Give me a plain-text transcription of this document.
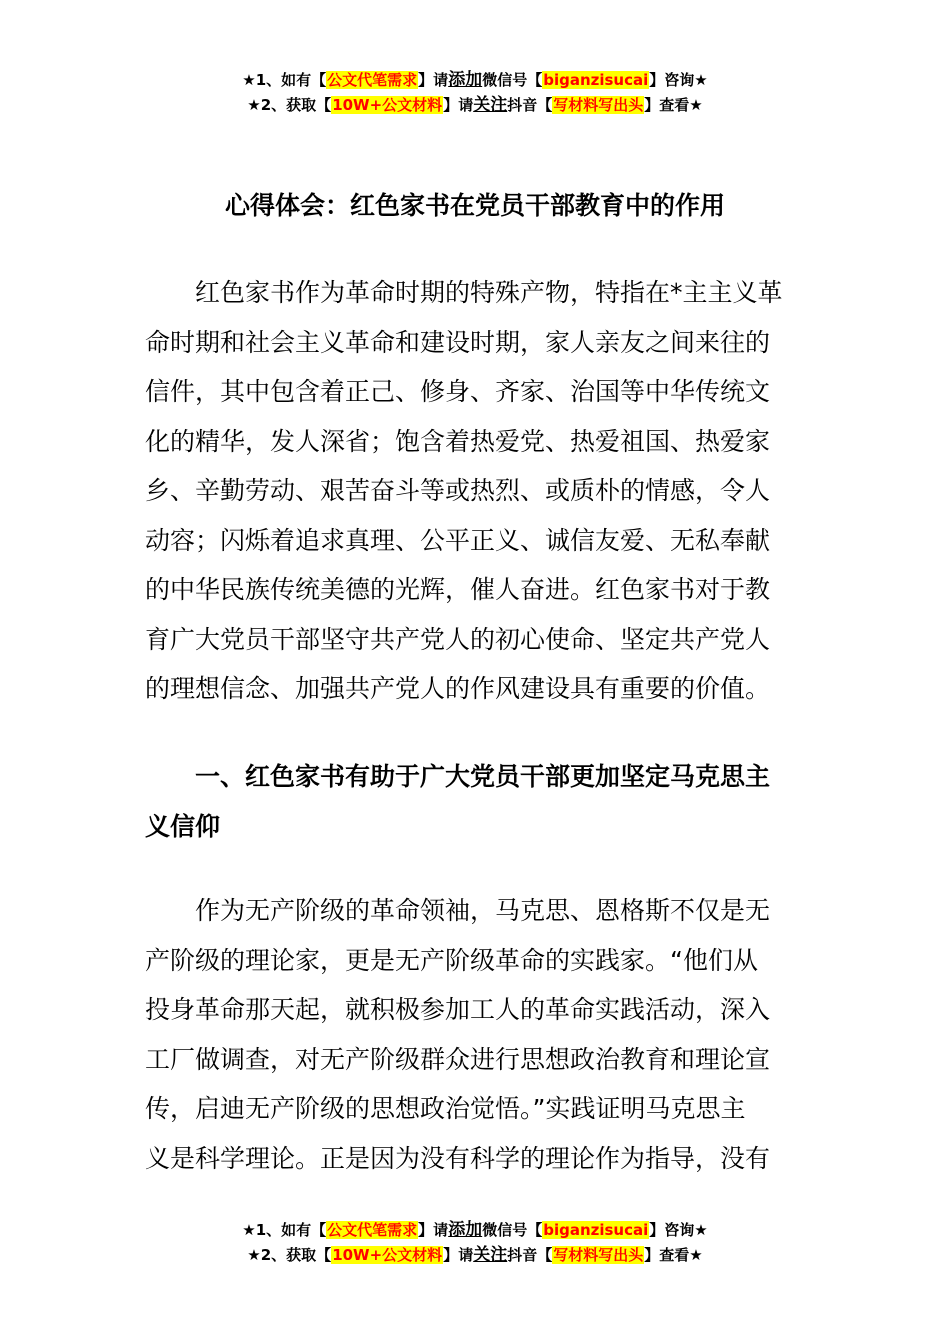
★1、如有【公文代笔需求】请添加微信号【biganzisucai】咨询★
★2、获取【10W+公文材料】请关注抖音【写材料写出头】查看★
心得体会：红色家书在党员干部教育中的作用
红色家书作为革命时期的特殊产物，特指在*主主义革
命时期和社会主义革命和建设时期，家人亲友之间来往的
信件，其中包含着正己、修身、齐家、治国等中华传统文
化的精华，发人深省；饱含着热爱党、热爱祖国、热爱家
乡、辛勤劳动、艰苦奋斗等或热烈、或质朴的情感，令人
动容；闪烁着追求真理、公平正义、诚信友爱、无私奉献
的中华民族传统美德的光辉，催人奋进。红色家书对于教
育广大党员干部坚守共产党人的初心使命、坚定共产党人
的理想信念、加强共产党人的作风建设具有重要的价值。
一、红色家书有助于广大党员干部更加坚定马克思主
义信仰
作为无产阶级的革命领袖，马克思、恩格斯不仅是无
产阶级的理论家，更是无产阶级革命的实践家。“他们从
投身革命那天起，就积极参加工人的革命实践活动，深入
工厂做调查，对无产阶级群众进行思想政治教育和理论宣
传，启迪无产阶级的思想政治觉悟。”实践证明马克思主
义是科学理论。正是因为没有科学的理论作为指导，没有
★1、如有【公文代笔需求】请添加微信号【biganzisucai】咨询★
★2、获取【10W+公文材料】请关注抖音【写材料写出头】查看★
